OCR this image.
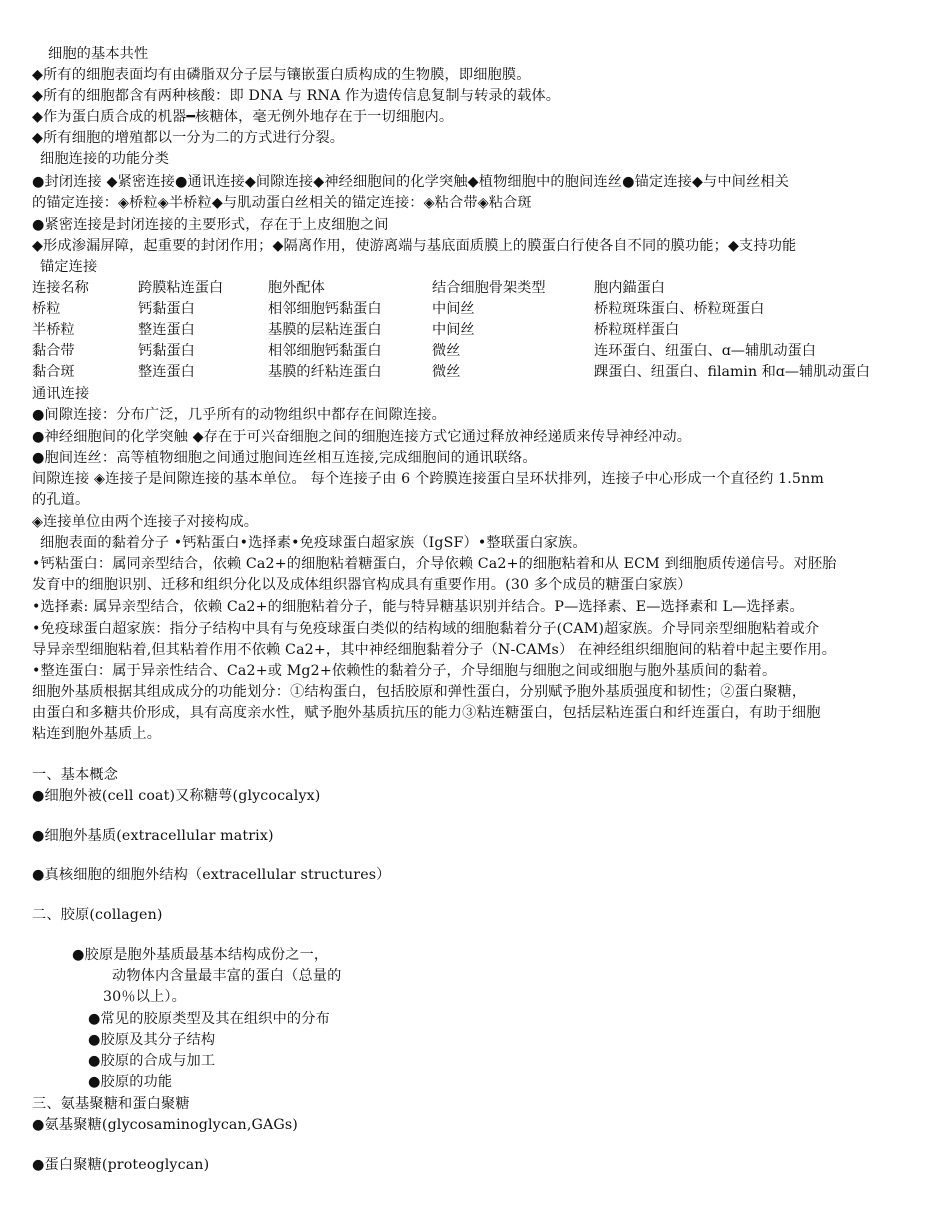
细胞的基本共性
◆所有的细胞表面均有由磷脂双分子层与镶嵌蛋白质构成的生物膜，即细胞膜。
◆所有的细胞都含有两种核酸：即 DNA 与 RNA 作为遗传信息复制与转录的载体。
◆作为蛋白质合成的机器━核糖体，毫无例外地存在于一切细胞内。
◆所有细胞的增殖都以一分为二的方式进行分裂。
细胞连接的功能分类
●封闭连接 ◆紧密连接●通讯连接◆间隙连接◆神经细胞间的化学突触◆植物细胞中的胞间连丝●锚定连接◆与中间丝相关
的锚定连接：◈桥粒◈半桥粒◆与肌动蛋白丝相关的锚定连接：◈粘合带◈粘合斑
●紧密连接是封闭连接的主要形式，存在于上皮细胞之间
◆形成渗漏屏障，起重要的封闭作用；◆隔离作用，使游离端与基底面质膜上的膜蛋白行使各自不同的膜功能；◆支持功能
锚定连接
连接名称	跨膜粘连蛋白	胞外配体	结合细胞骨架类型	胞内錨蛋白
桥粒	钙黏蛋白	相邻细胞钙黏蛋白	中间丝	桥粒斑珠蛋白、桥粒斑蛋白
半桥粒	整连蛋白	基膜的层粘连蛋白	中间丝	桥粒斑样蛋白
黏合带	钙黏蛋白	相邻细胞钙黏蛋白	微丝	连环蛋白、纽蛋白、ɑ—辅肌动蛋白
黏合斑	整连蛋白	基膜的纤粘连蛋白	微丝	踝蛋白、纽蛋白、filamin 和ɑ—辅肌动蛋白
通讯连接
●间隙连接：分布广泛，几乎所有的动物组织中都存在间隙连接。
●神经细胞间的化学突触 ◆存在于可兴奋细胞之间的细胞连接方式它通过释放神经递质来传导神经冲动。
●胞间连丝：高等植物细胞之间通过胞间连丝相互连接,完成细胞间的通讯联络。
间隙连接 ◈连接子是间隙连接的基本单位。 每个连接子由 6 个跨膜连接蛋白呈环状排列，连接子中心形成一个直径约 1.5nm
的孔道。
◈连接单位由两个连接子对接构成。
细胞表面的黏着分子 •钙粘蛋白•选择素•免疫球蛋白超家族（IgSF）•整联蛋白家族。
•钙粘蛋白：属同亲型结合，依赖 Ca2+的细胞粘着糖蛋白，介导依赖 Ca2+的细胞粘着和从 ECM 到细胞质传递信号。对胚胎
发育中的细胞识别、迁移和组织分化以及成体组织器官构成具有重要作用。(30 多个成员的糖蛋白家族）
•选择素: 属异亲型结合，依赖 Ca2+的细胞粘着分子，能与特异糖基识别并结合。P—选择素、E—选择素和 L—选择素。
•免疫球蛋白超家族：指分子结构中具有与免疫球蛋白类似的结构域的细胞黏着分子(CAM)超家族。介导同亲型细胞粘着或介
导异亲型细胞粘着,但其粘着作用不依赖 Ca2+，其中神经细胞黏着分子（N-CAMs） 在神经组织细胞间的粘着中起主要作用。
•整连蛋白：属于异亲性结合、Ca2+或 Mg2+依赖性的黏着分子，介导细胞与细胞之间或细胞与胞外基质间的黏着。
细胞外基质根据其组成成分的功能划分：①结构蛋白，包括胶原和弹性蛋白，分别赋予胞外基质强度和韧性；②蛋白聚糖，
由蛋白和多糖共价形成，具有高度亲水性，赋予胞外基质抗压的能力③粘连糖蛋白，包括层粘连蛋白和纤连蛋白，有助于细胞
粘连到胞外基质上。
一、基本概念
●细胞外被(cell coat)又称糖萼(glycocalyx)
●细胞外基质(extracellular matrix)
●真核细胞的细胞外结构（extracellular structures）
二、胶原(collagen)
●胶原是胞外基质最基本结构成份之一，
动物体内含量最丰富的蛋白（总量的
30％以上）。
●常见的胶原类型及其在组织中的分布
●胶原及其分子结构
●胶原的合成与加工
●胶原的功能
三、氨基聚糖和蛋白聚糖
●氨基聚糖(glycosaminoglycan,GAGs)
●蛋白聚糖(proteoglycan)
